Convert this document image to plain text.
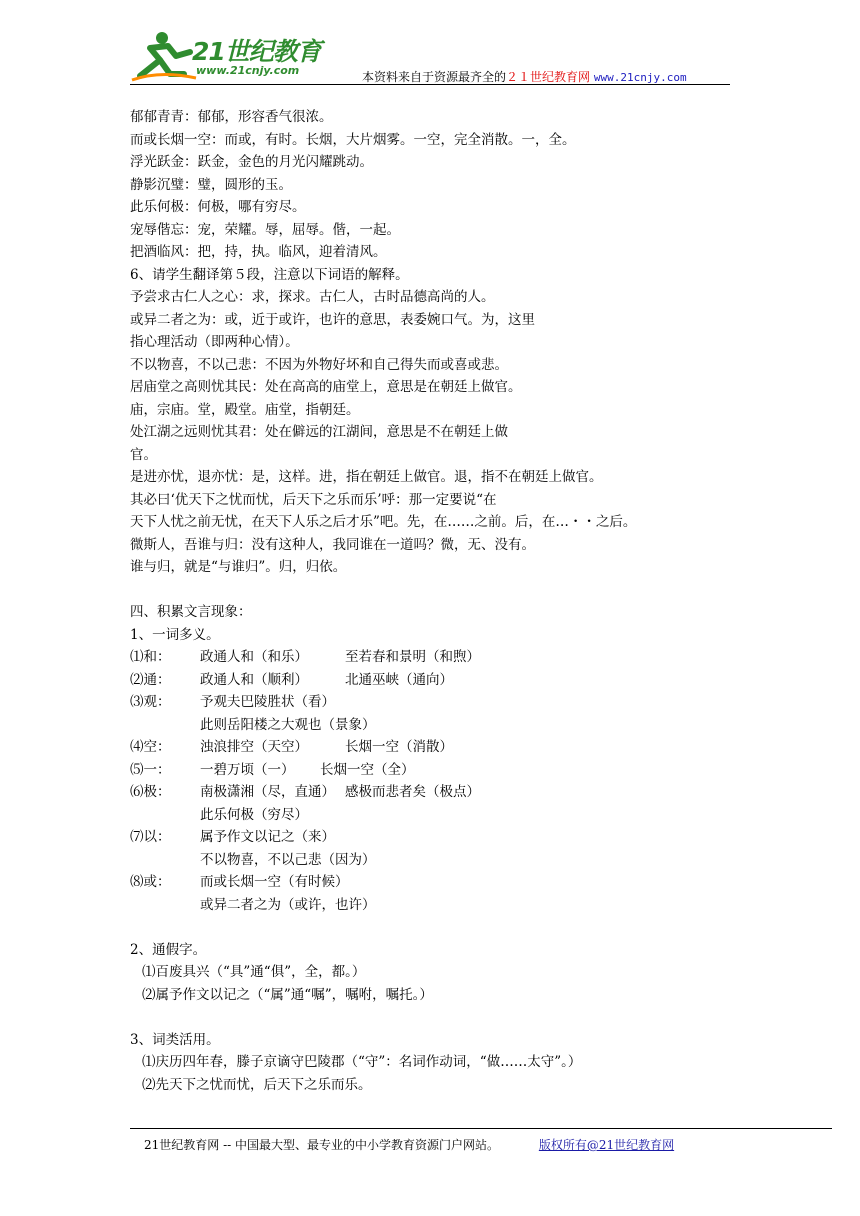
21世纪教育
www.21cnjy.com	本资料来自于资源最齐全的２１世纪教育网 www.21cnjy.com
郁郁青青：郁郁，形容香气很浓。
而或长烟一空：而或，有时。长烟，大片烟雾。一空，完全消散。一，全。
浮光跃金：跃金，金色的月光闪耀跳动。
静影沉璧：璧，圆形的玉。
此乐何极：何极，哪有穷尽。
宠辱偕忘：宠，荣耀。辱，屈辱。偕，一起。
把酒临风：把，持，执。临风，迎着清风。
6、请学生翻译第５段，注意以下词语的解释。
予尝求古仁人之心：求，探求。古仁人，古时品德高尚的人。
或异二者之为：或，近于或许，也许的意思，表委婉口气。为，这里
指心理活动（即两种心情）。
不以物喜，不以己悲：不因为外物好坏和自己得失而或喜或悲。
居庙堂之高则忧其民：处在高高的庙堂上，意思是在朝廷上做官。
庙，宗庙。堂，殿堂。庙堂，指朝廷。
处江湖之远则忧其君：处在僻远的江湖间，意思是不在朝廷上做
官。
是进亦忧，退亦忧：是，这样。进，指在朝廷上做官。退，指不在朝廷上做官。
其必曰‘优天下之忧而忧，后天下之乐而乐’呼：那一定要说“在
天下人忧之前无忧，在天下人乐之后才乐”吧。先，在……之前。后，在…・・之后。
微斯人，吾谁与归：没有这种人，我同谁在一道吗？微，无、没有。
谁与归，就是“与谁归”。归，归依。
四、积累文言现象：
1、一词多义。
⑴和： 政通人和（和乐）	至若春和景明（和煦）
⑵通： 政通人和（顺利）	北通巫峡（通向）
⑶观： 予观夫巴陵胜状（看）
此则岳阳楼之大观也（景象）
⑷空： 浊浪排空（天空）	长烟一空（消散）
⑸一： 一碧万顷（一） 长烟一空（全）
⑹极： 南极潇湘（尽，直通） 感极而悲者矣（极点）
此乐何极（穷尽）
⑺以： 属予作文以记之（来）
不以物喜，不以己悲（因为）
⑻或： 而或长烟一空（有时候）
或异二者之为（或许，也许）
2、通假字。
⑴百废具兴（“具”通“俱”，全，都。）
⑵属予作文以记之（“属”通“嘱”，嘱咐，嘱托。）
3、词类活用。
⑴庆历四年春，滕子京谪守巴陵郡（“守”：名词作动词，“做……太守”。）
⑵先天下之忧而忧，后天下之乐而乐。
21世纪教育网 -- 中国最大型、最专业的中小学教育资源门户网站。	版权所有@21世纪教育网
